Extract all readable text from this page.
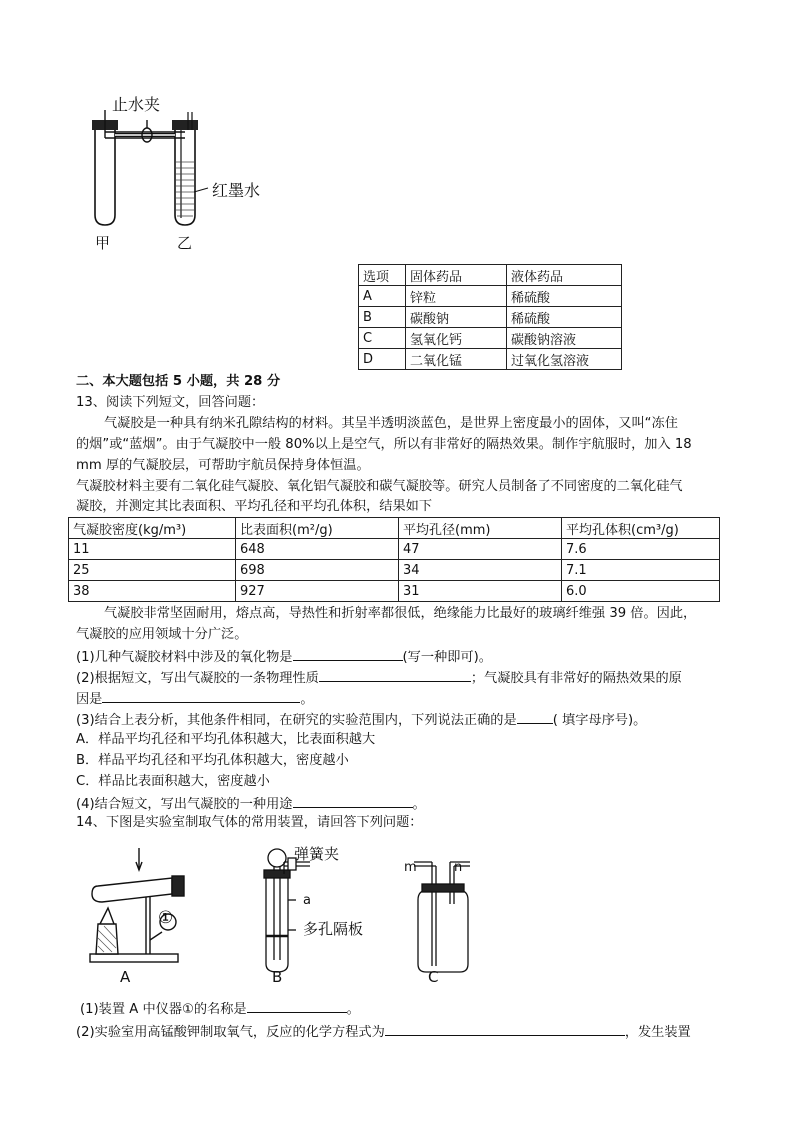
止水夹
红墨水
甲	乙
选项	固体药品	液体药品
A	锌粒	稀硫酸
B	碳酸钠	稀硫酸
C	氢氧化钙	碳酸钠溶液
D	二氧化锰	过氧化氢溶液
二、本大题包括 5 小题，共 28 分
13、阅读下列短文，回答问题：
气凝胶是一种具有纳米孔隙结构的材料。其呈半透明淡蓝色，是世界上密度最小的固体，又叫“冻住
的烟”或“蓝烟”。由于气凝胶中一般 80%以上是空气，所以有非常好的隔热效果。制作宇航服时，加入 18
mm 厚的气凝胶层，可帮助宇航员保持身体恒温。
气凝胶材料主要有二氧化硅气凝胶、氧化铝气凝胶和碳气凝胶等。研究人员制备了不同密度的二氧化硅气
凝胶，并测定其比表面积、平均孔径和平均孔体积，结果如下
气凝胶密度(kg/m³)	比表面积(m²/g)	平均孔径(mm)	平均孔体积(cm³/g)
11	648	47	7.6
25	698	34	7.1
38	927	31	6.0
气凝胶非常坚固耐用，熔点高，导热性和折射率都很低，绝缘能力比最好的玻璃纤维强 39 倍。因此，
气凝胶的应用领域十分广泛。
(1)几种气凝胶材料中涉及的氧化物是	(写一种即可)。
(2)根据短文，写出气凝胶的一条物理性质	；气凝胶具有非常好的隔热效果的原
因是	。
(3)结合上表分析，其他条件相同，在研究的实验范围内，下列说法正确的是	( 填字母序号)。
A．样品平均孔径和平均孔体积越大，比表面积越大
B．样品平均孔径和平均孔体积越大，密度越小
C．样品比表面积越大，密度越小
(4)结合短文，写出气凝胶的一种用途	。
14、下图是实验室制取气体的常用装置，请回答下列问题：
A	B	C
①
弹簧夹
a
多孔隔板
m	n
(1)装置 A 中仪器①的名称是	。
(2)实验室用高锰酸钾制取氧气，反应的化学方程式为	，发生装置
